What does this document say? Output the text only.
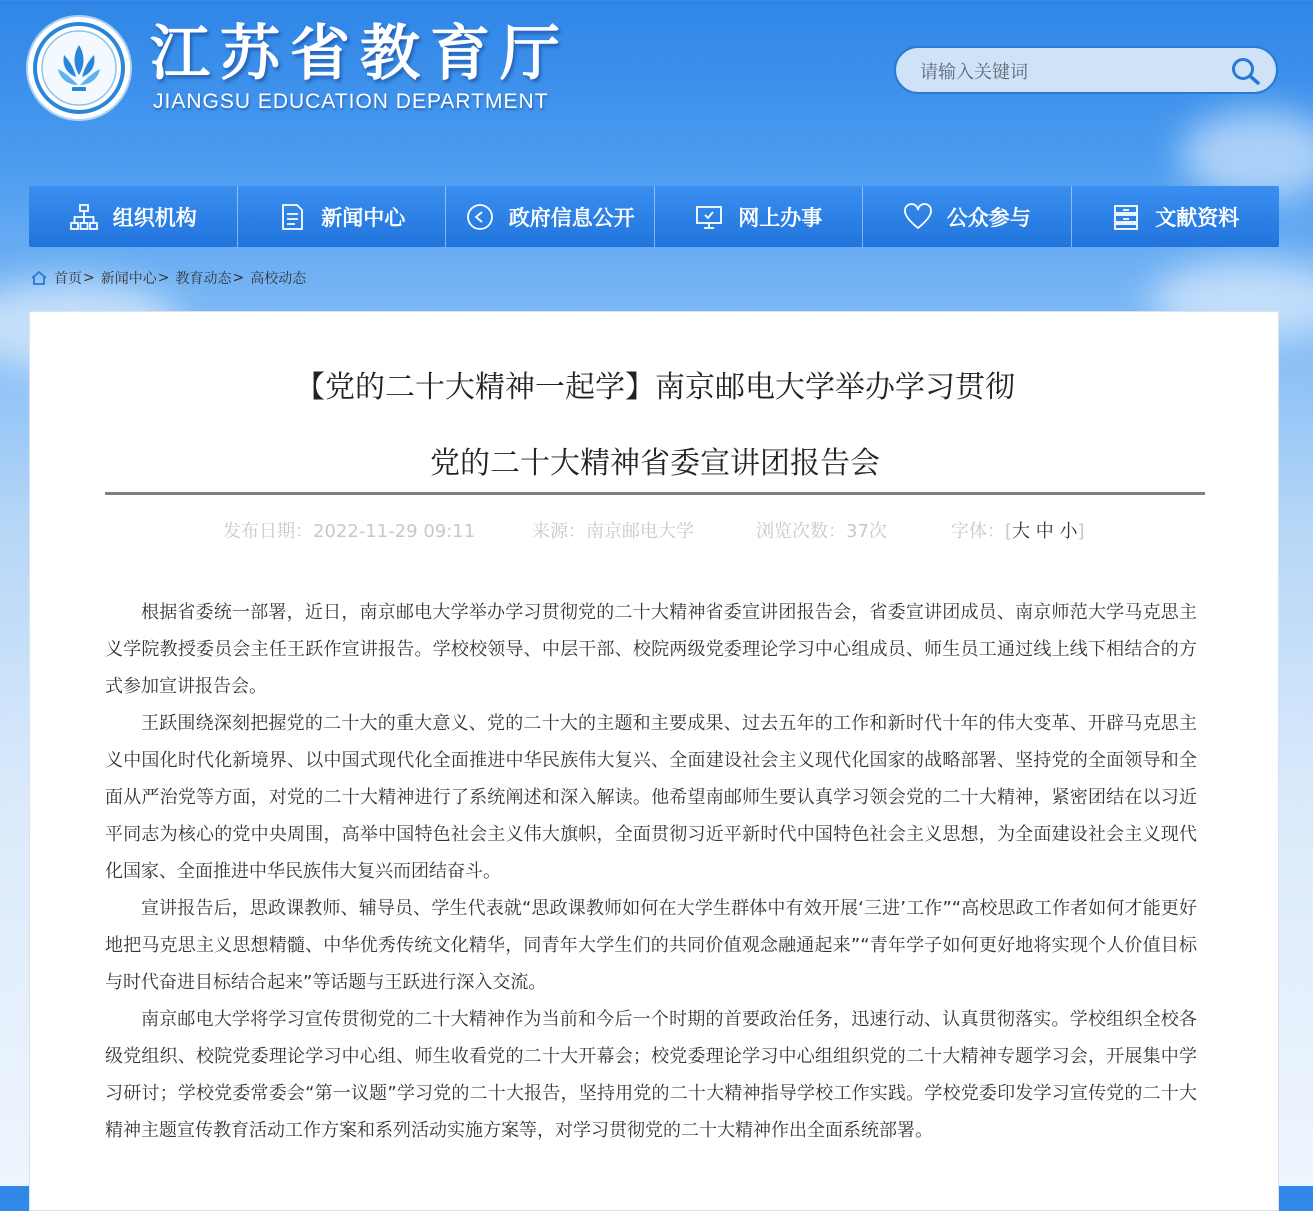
江苏省教育厅
JIANGSU EDUCATION DEPARTMENT
请输入关键词
组织机构	新闻中心	政府信息公开	网上办事	公众参与	文献资料
首页 > 新闻中心 > 教育动态 > 高校动态
【党的二十大精神一起学】南京邮电大学举办学习贯彻
党的二十大精神省委宣讲团报告会
发布日期：2022-11-29 09:11	来源：南京邮电大学	浏览次数：37次	字体：[大 中 小]

根据省委统一部署，近日，南京邮电大学举办学习贯彻党的二十大精神省委宣讲团报告会，省委宣讲团成员、南京师范大学马克思主义学院教授委员会主任王跃作宣讲报告。学校校领导、中层干部、校院两级党委理论学习中心组成员、师生员工通过线上线下相结合的方式参加宣讲报告会。

王跃围绕深刻把握党的二十大的重大意义、党的二十大的主题和主要成果、过去五年的工作和新时代十年的伟大变革、开辟马克思主义中国化时代化新境界、以中国式现代化全面推进中华民族伟大复兴、全面建设社会主义现代化国家的战略部署、坚持党的全面领导和全面从严治党等方面，对党的二十大精神进行了系统阐述和深入解读。他希望南邮师生要认真学习领会党的二十大精神，紧密团结在以习近平同志为核心的党中央周围，高举中国特色社会主义伟大旗帜，全面贯彻习近平新时代中国特色社会主义思想，为全面建设社会主义现代化国家、全面推进中华民族伟大复兴而团结奋斗。

宣讲报告后，思政课教师、辅导员、学生代表就“思政课教师如何在大学生群体中有效开展‘三进’工作”“高校思政工作者如何才能更好地把马克思主义思想精髓、中华优秀传统文化精华，同青年大学生们的共同价值观念融通起来”“青年学子如何更好地将实现个人价值目标与时代奋进目标结合起来”等话题与王跃进行深入交流。

南京邮电大学将学习宣传贯彻党的二十大精神作为当前和今后一个时期的首要政治任务，迅速行动、认真贯彻落实。学校组织全校各级党组织、校院党委理论学习中心组、师生收看党的二十大开幕会；校党委理论学习中心组组织党的二十大精神专题学习会，开展集中学习研讨；学校党委常委会“第一议题”学习党的二十大报告，坚持用党的二十大精神指导学校工作实践。学校党委印发学习宣传党的二十大精神主题宣传教育活动工作方案和系列活动实施方案等，对学习贯彻党的二十大精神作出全面系统部署。
